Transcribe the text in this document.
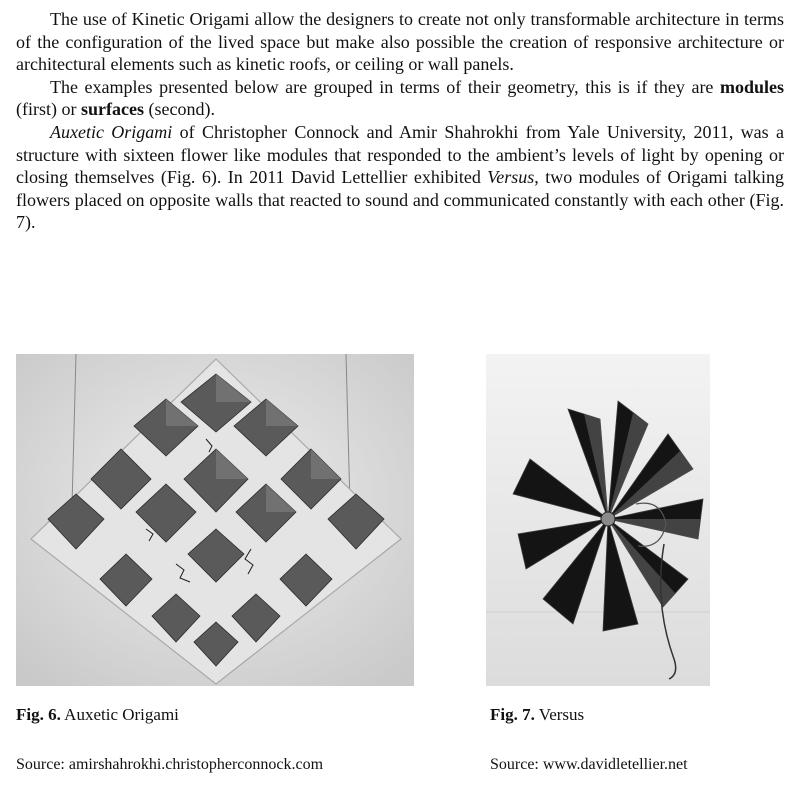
The use of Kinetic Origami allow the designers to create not only transformable architecture in terms of the configuration of the lived space but make also possible the creation of responsive architecture or architectural elements such as kinetic roofs, or ceiling or wall panels.

The examples presented below are grouped in terms of their geometry, this is if they are modules (first) or surfaces (second).

Auxetic Origami of Christopher Connock and Amir Shahrokhi from Yale University, 2011, was a structure with sixteen flower like modules that responded to the ambient’s levels of light by opening or closing themselves (Fig. 6). In 2011 David Lettellier exhibited Versus, two modules of Origami talking flowers placed on opposite walls that reacted to sound and communicated constantly with each other (Fig. 7).

Fig. 6. Auxetic Origami	Fig. 7. Versus
Source: amirshahrokhi.christopherconnock.com	Source: www.davidletellier.net
